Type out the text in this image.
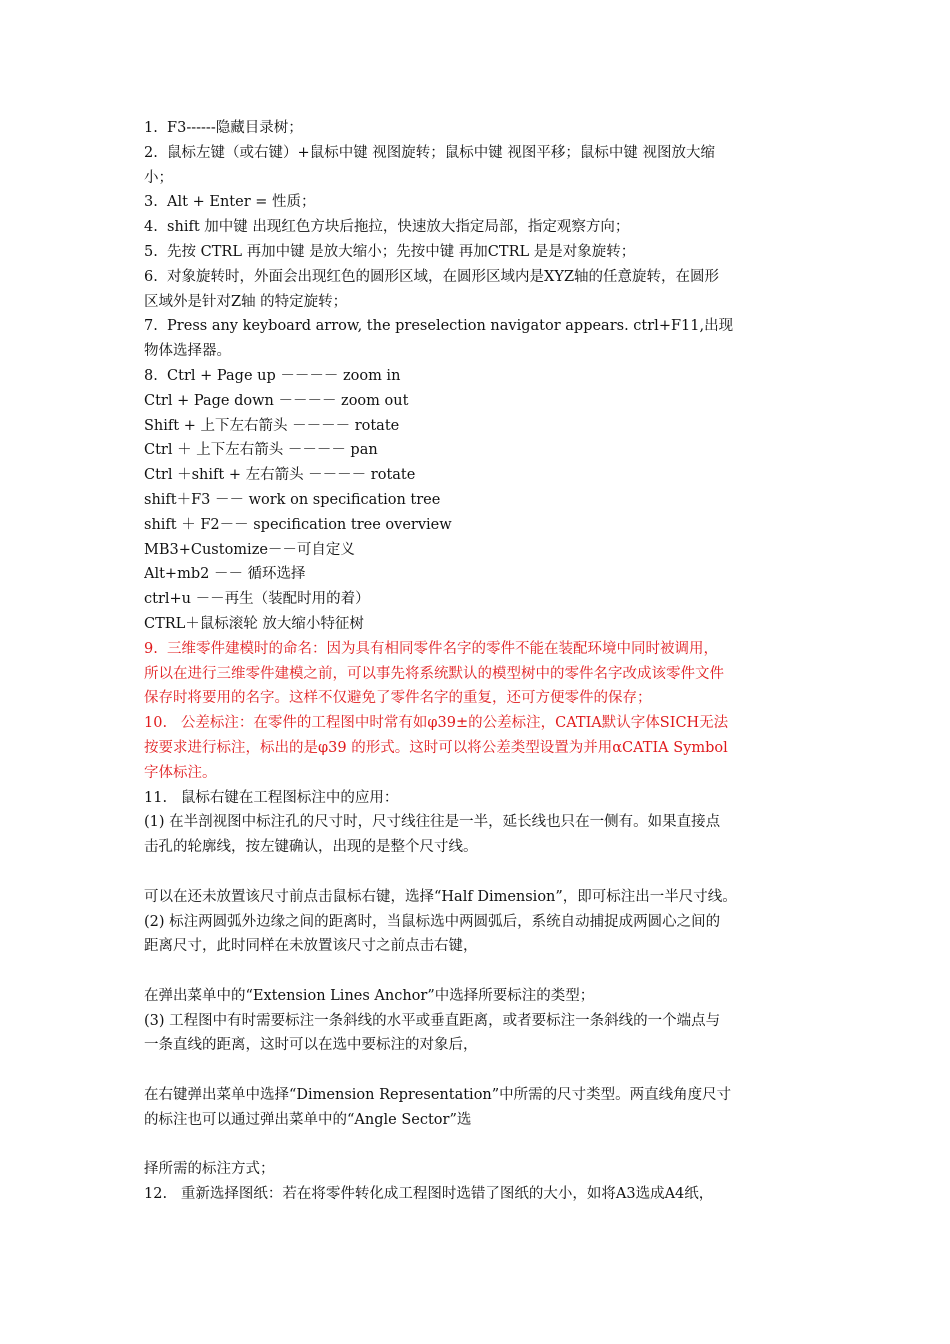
1.  F3------隐藏目录树；
2.  鼠标左键（或右键）+鼠标中键 视图旋转；鼠标中键 视图平移；鼠标中键 视图放大缩
小；
3.  Alt + Enter = 性质；
4.  shift 加中键 出现红色方块后拖拉，快速放大指定局部，指定观察方向；
5.  先按 CTRL 再加中键 是放大缩小；先按中键 再加CTRL 是是对象旋转；
6.  对象旋转时，外面会出现红色的圆形区域，在圆形区域内是XYZ轴的任意旋转，在圆形
区域外是针对Z轴 的特定旋转；
7.  Press any keyboard arrow, the preselection navigator appears. ctrl+F11,出现
物体选择器。
8.  Ctrl + Page up －－－－ zoom in
Ctrl + Page down －－－－ zoom out
Shift + 上下左右箭头 －－－－ rotate
Ctrl ＋ 上下左右箭头 －－－－ pan
Ctrl ＋shift + 左右箭头 －－－－ rotate
shift＋F3 －－ work on specification tree
shift ＋ F2－－ specification tree overview
MB3+Customize－－可自定义
Alt+mb2 －－ 循环选择
ctrl+u －－再生（装配时用的着）
CTRL＋鼠标滚轮 放大缩小特征树
9.  三维零件建模时的命名：因为具有相同零件名字的零件不能在装配环境中同时被调用，
所以在进行三维零件建模之前，可以事先将系统默认的模型树中的零件名字改成该零件文件
保存时将要用的名字。这样不仅避免了零件名字的重复，还可方便零件的保存；
10.   公差标注：在零件的工程图中时常有如φ39±的公差标注，CATIA默认字体SICH无法
按要求进行标注，标出的是φ39 的形式。这时可以将公差类型设置为并用αCATIA Symbol
字体标注。
11.   鼠标右键在工程图标注中的应用：
(1) 在半剖视图中标注孔的尺寸时，尺寸线往往是一半，延长线也只在一侧有。如果直接点
击孔的轮廓线，按左键确认，出现的是整个尺寸线。
可以在还未放置该尺寸前点击鼠标右键，选择“Half Dimension”，即可标注出一半尺寸线。
(2) 标注两圆弧外边缘之间的距离时，当鼠标选中两圆弧后，系统自动捕捉成两圆心之间的
距离尺寸，此时同样在未放置该尺寸之前点击右键，
在弹出菜单中的“Extension Lines Anchor”中选择所要标注的类型；
(3) 工程图中有时需要标注一条斜线的水平或垂直距离，或者要标注一条斜线的一个端点与
一条直线的距离，这时可以在选中要标注的对象后，
在右键弹出菜单中选择“Dimension Representation”中所需的尺寸类型。两直线角度尺寸
的标注也可以通过弹出菜单中的“Angle Sector”选
择所需的标注方式；
12.   重新选择图纸：若在将零件转化成工程图时选错了图纸的大小，如将A3选成A4纸，
